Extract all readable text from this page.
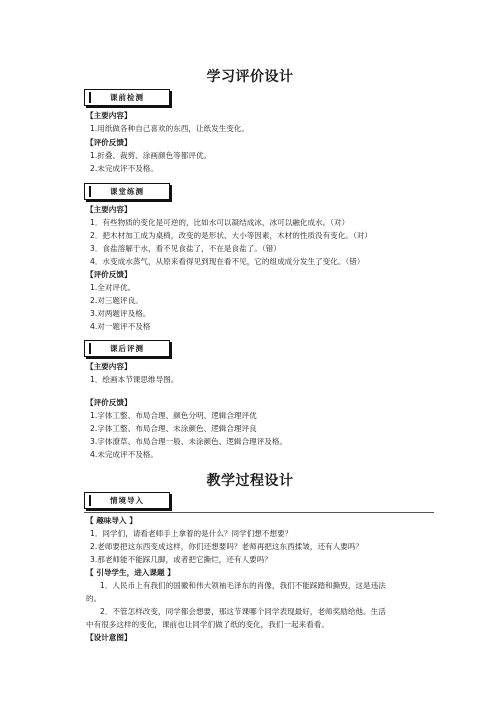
学习评价设计
课前检测
【主要内容】
1.用纸做各种自己喜欢的东西，让纸发生变化。
【评价反馈】
1.折叠、裁剪、涂画颜色等都评优。
2.未完成评不及格。
课堂练测
【主要内容】
1．有些物质的变化是可逆的，比如水可以凝结成冰，冰可以融化成水。（对）
2．把木材加工成为桌椅，改变的是形状、大小等因素，木材的性质没有变化。（对）
3．食盐溶解于水，看不见食盐了，不在是食盐了。（错）
4．水变成水蒸气，从原来看得见到现在看不见，它的组成成分发生了变化。（错）
【评价反馈】
1.全对评优。
2.对三题评良。
3.对两题评及格。
4.对一题评不及格
课后评测
【主要内容】
1．绘画本节课思维导图。
【评价反馈】
1.字体工整、布局合理、颜色分明、逻辑合理评优
2.字体工整、布局合理、未涂颜色、逻辑合理评良
3.字体潦草、布局合理一般、未涂颜色、逻辑合理评及格。
4.未完成评不及格。
教学过程设计
情境导入
【 趣味导入 】
1．同学们，请看老师手上拿着的是什么？同学们想不想要？
2.老师要把这东西变成这样，你们还想要吗？老师再把这东西揉皱，还有人要吗？
3.那老师能不能踩几脚，或者把它撕烂，还有人要吗？
【 引导学生，进入课题 】
1．人民币上有我们的国徽和伟大领袖毛泽东的肖像，我们不能踩踏和撕毁，这是违法
的。
2．不管怎样改变，同学都会想要，那这节课哪个同学表现最好，老师奖励给他。生活
中有很多这样的变化，课前也让同学们做了纸的变化，我们一起来看看。
【设计意图】
